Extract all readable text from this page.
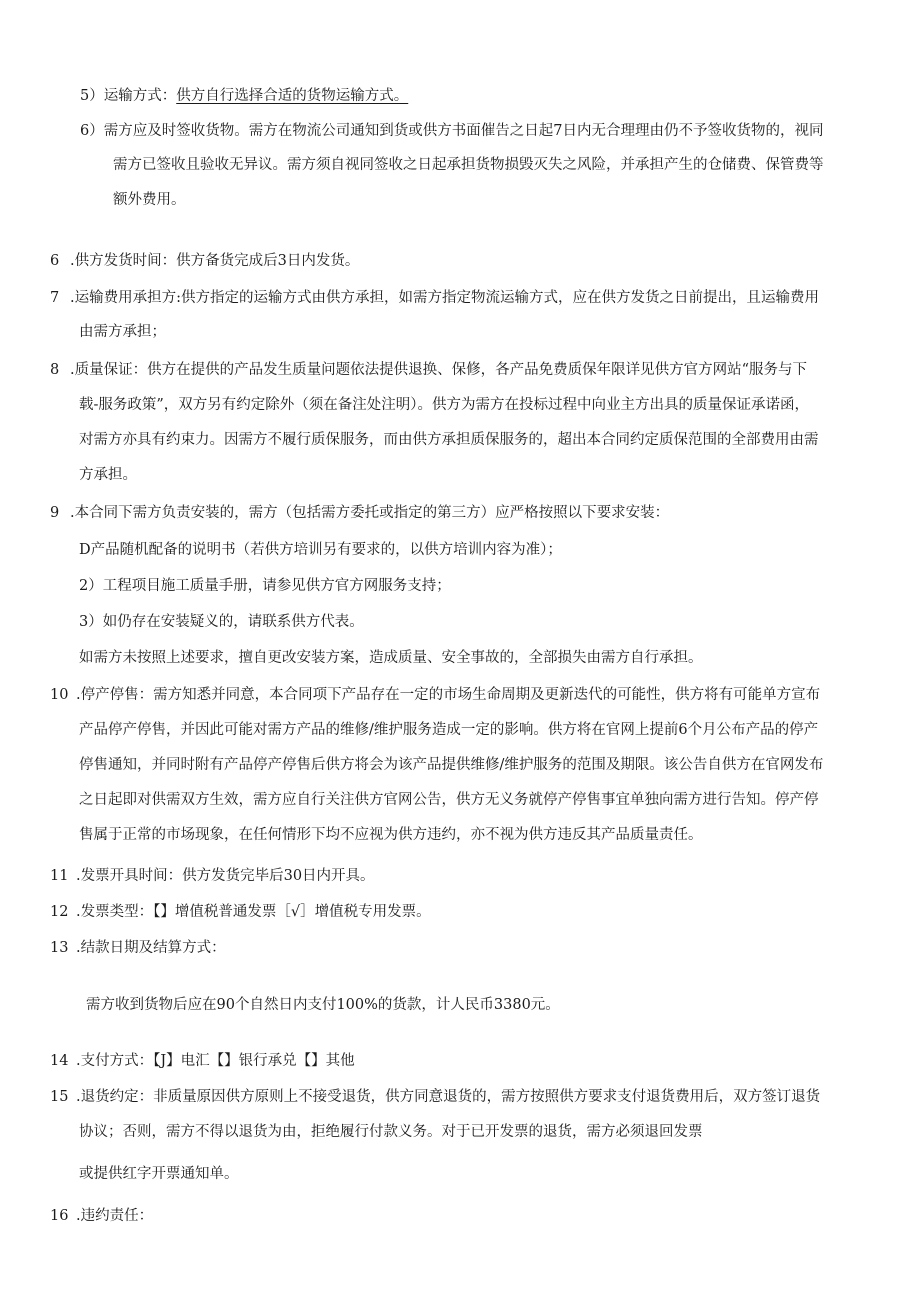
5）运输方式：供方自行选择合适的货物运输方式。
6）需方应及时签收货物。需方在物流公司通知到货或供方书面催告之日起7日内无合理理由仍不予签收货物的，视同
需方已签收且验收无异议。需方须自视同签收之日起承担货物损毁灭失之风险，并承担产生的仓储费、保管费等
额外费用。
6 .供方发货时间：供方备货完成后3日内发货。
7 .运输费用承担方:供方指定的运输方式由供方承担，如需方指定物流运输方式，应在供方发货之日前提出，且运输费用
由需方承担；
8 .质量保证：供方在提供的产品发生质量问题依法提供退换、保修，各产品免费质保年限详见供方官方网站“服务与下
载-服务政策”，双方另有约定除外（须在备注处注明）。供方为需方在投标过程中向业主方出具的质量保证承诺函，
对需方亦具有约束力。因需方不履行质保服务，而由供方承担质保服务的，超出本合同约定质保范围的全部费用由需
方承担。
9 .本合同下需方负责安装的，需方（包括需方委托或指定的第三方）应严格按照以下要求安装：
D产品随机配备的说明书（若供方培训另有要求的，以供方培训内容为准）；
2）工程项目施工质量手册，请参见供方官方网服务支持；
3）如仍存在安装疑义的，请联系供方代表。
如需方未按照上述要求，擅自更改安装方案，造成质量、安全事故的，全部损失由需方自行承担。
10 .停产停售：需方知悉并同意，本合同项下产品存在一定的市场生命周期及更新迭代的可能性，供方将有可能单方宣布
产品停产停售，并因此可能对需方产品的维修/维护服务造成一定的影响。供方将在官网上提前6个月公布产品的停产
停售通知，并同时附有产品停产停售后供方将会为该产品提供维修/维护服务的范围及期限。该公告自供方在官网发布
之日起即对供需双方生效，需方应自行关注供方官网公告，供方无义务就停产停售事宜单独向需方进行告知。停产停
售属于正常的市场现象，在任何情形下均不应视为供方违约，亦不视为供方违反其产品质量责任。
11 .发票开具时间：供方发货完毕后30日内开具。
12 .发票类型：【】增值税普通发票［√］增值税专用发票。
13 .结款日期及结算方式：
需方收到货物后应在90个自然日内支付100%的货款，计人民币3380元。
14 .支付方式：【J】电汇【】银行承兑【】其他
15 .退货约定：非质量原因供方原则上不接受退货，供方同意退货的，需方按照供方要求支付退货费用后，双方签订退货
协议；否则，需方不得以退货为由，拒绝履行付款义务。对于已开发票的退货，需方必须退回发票
或提供红字开票通知单。
16 .违约责任：
